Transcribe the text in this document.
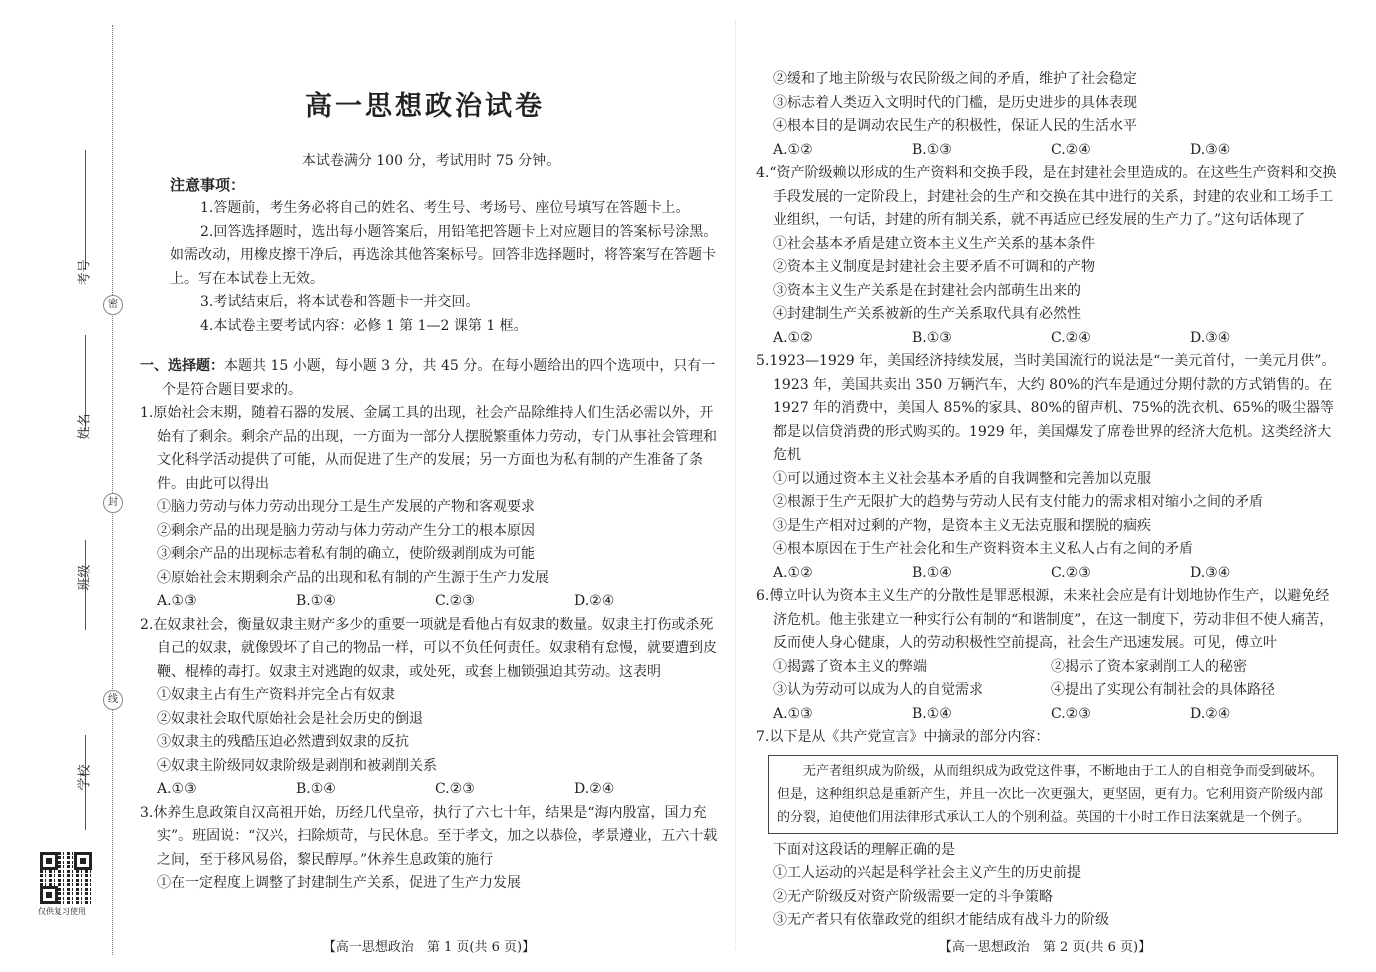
考号
姓名
班级
学校
密
封
线
仅供复习使用
高一思想政治试卷
本试卷满分 100 分，考试用时 75 分钟。
注意事项：
1.答题前，考生务必将自己的姓名、考生号、考场号、座位号填写在答题卡上。
2.回答选择题时，选出每小题答案后，用铅笔把答题卡上对应题目的答案标号涂黑。如需改动，用橡皮擦干净后，再选涂其他答案标号。回答非选择题时，将答案写在答题卡上。写在本试卷上无效。
3.考试结束后，将本试卷和答题卡一并交回。
4.本试卷主要考试内容：必修 1 第 1—2 课第 1 框。
一、选择题：本题共 15 小题，每小题 3 分，共 45 分。在每小题给出的四个选项中，只有一个是符合题目要求的。
1.原始社会末期，随着石器的发展、金属工具的出现，社会产品除维持人们生活必需以外，开始有了剩余。剩余产品的出现，一方面为一部分人摆脱繁重体力劳动，专门从事社会管理和文化科学活动提供了可能，从而促进了生产的发展；另一方面也为私有制的产生准备了条件。由此可以得出
①脑力劳动与体力劳动出现分工是生产发展的产物和客观要求
②剩余产品的出现是脑力劳动与体力劳动产生分工的根本原因
③剩余产品的出现标志着私有制的确立，使阶级剥削成为可能
④原始社会末期剩余产品的出现和私有制的产生源于生产力发展
A.①③	B.①④	C.②③	D.②④
2.在奴隶社会，衡量奴隶主财产多少的重要一项就是看他占有奴隶的数量。奴隶主打伤或杀死自己的奴隶，就像毁坏了自己的物品一样，可以不负任何责任。奴隶稍有怠慢，就要遭到皮鞭、棍棒的毒打。奴隶主对逃跑的奴隶，或处死，或套上枷锁强迫其劳动。这表明
①奴隶主占有生产资料并完全占有奴隶
②奴隶社会取代原始社会是社会历史的倒退
③奴隶主的残酷压迫必然遭到奴隶的反抗
④奴隶主阶级同奴隶阶级是剥削和被剥削关系
A.①③	B.①④	C.②③	D.②④
3.休养生息政策自汉高祖开始，历经几代皇帝，执行了六七十年，结果是“海内殷富，国力充实”。班固说：“汉兴，扫除烦苛，与民休息。至于孝文，加之以恭俭，孝景遵业，五六十载之间，至于移风易俗，黎民醇厚。”休养生息政策的施行
①在一定程度上调整了封建制生产关系，促进了生产力发展
②缓和了地主阶级与农民阶级之间的矛盾，维护了社会稳定
③标志着人类迈入文明时代的门槛，是历史进步的具体表现
④根本目的是调动农民生产的积极性，保证人民的生活水平
A.①②	B.①③	C.②④	D.③④
4.“资产阶级赖以形成的生产资料和交换手段，是在封建社会里造成的。在这些生产资料和交换手段发展的一定阶段上，封建社会的生产和交换在其中进行的关系，封建的农业和工场手工业组织，一句话，封建的所有制关系，就不再适应已经发展的生产力了。”这句话体现了
①社会基本矛盾是建立资本主义生产关系的基本条件
②资本主义制度是封建社会主要矛盾不可调和的产物
③资本主义生产关系是在封建社会内部萌生出来的
④封建制生产关系被新的生产关系取代具有必然性
A.①②	B.①③	C.②④	D.③④
5.1923—1929 年，美国经济持续发展，当时美国流行的说法是“一美元首付，一美元月供”。1923 年，美国共卖出 350 万辆汽车，大约 80%的汽车是通过分期付款的方式销售的。在 1927 年的消费中，美国人 85%的家具、80%的留声机、75%的洗衣机、65%的吸尘器等都是以信贷消费的形式购买的。1929 年，美国爆发了席卷世界的经济大危机。这类经济大危机
①可以通过资本主义社会基本矛盾的自我调整和完善加以克服
②根源于生产无限扩大的趋势与劳动人民有支付能力的需求相对缩小之间的矛盾
③是生产相对过剩的产物，是资本主义无法克服和摆脱的痼疾
④根本原因在于生产社会化和生产资料资本主义私人占有之间的矛盾
A.①②	B.①④	C.②③	D.③④
6.傅立叶认为资本主义生产的分散性是罪恶根源，未来社会应是有计划地协作生产，以避免经济危机。他主张建立一种实行公有制的“和谐制度”，在这一制度下，劳动非但不使人痛苦，反而使人身心健康，人的劳动积极性空前提高，社会生产迅速发展。可见，傅立叶
①揭露了资本主义的弊端	②揭示了资本家剥削工人的秘密
③认为劳动可以成为人的自觉需求	④提出了实现公有制社会的具体路径
A.①③	B.①④	C.②③	D.②④
7.以下是从《共产党宣言》中摘录的部分内容：
无产者组织成为阶级，从而组织成为政党这件事，不断地由于工人的自相竞争而受到破坏。但是，这种组织总是重新产生，并且一次比一次更强大，更坚固，更有力。它利用资产阶级内部的分裂，迫使他们用法律形式承认工人的个别利益。英国的十小时工作日法案就是一个例子。
下面对这段话的理解正确的是
①工人运动的兴起是科学社会主义产生的历史前提
②无产阶级反对资产阶级需要一定的斗争策略
③无产者只有依靠政党的组织才能结成有战斗力的阶级
【高一思想政治　第 1 页(共 6 页)】	【高一思想政治　第 2 页(共 6 页)】
